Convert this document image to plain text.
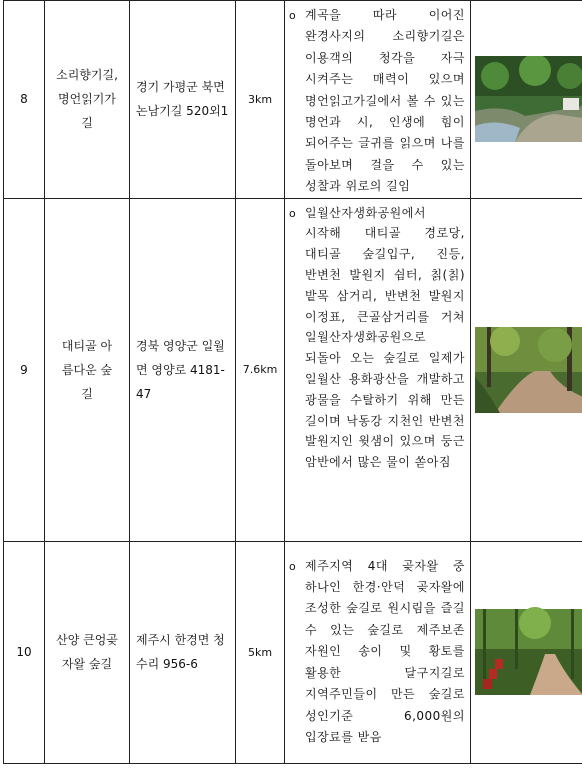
8	소리향기길, 명언읽기가길	경기 가평군 북면 논남기길 520외1	3km	o 계곡을 따라 이어진 완경사지의 소리향기길은 이용객의 청각을 자극 시켜주는 매력이 있으며 명언읽고가길에서 볼 수 있는 명언과 시, 인생에 힘이 되어주는 글귀를 읽으며 나를 돌아보며 걸을 수 있는 성찰과 위로의 길임

9	대티골 아름다운 숲길	경북 영양군 일월면 영양로 4181-47	7.6km	o 일월산자생화공원에서 시작해 대티골 경로당, 대티골 숲길입구, 진등, 반변천 발원지 쉼터, 칡(칡)밭목 삼거리, 반변천 발원지 이정표, 큰골삼거리를 거쳐 일월산자생화공원으로 되돌아 오는 숲길로 일제가 일월산 용화광산을 개발하고 광물을 수탈하기 위해 만든 길이며 낙동강 지천인 반변천 발원지인 윗샘이 있으며 둥근 암반에서 많은 물이 쏟아짐

10	산양 큰엉곶자왈 숲길	제주시 한경면 청수리 956-6	5km	o 제주지역 4대 곶자왈 중 하나인 한경·안덕 곶자왈에 조성한 숲길로 원시림을 즐길 수 있는 숲길로 제주보존 자원인 송이 및 황토를 활용한 달구지길로 지역주민들이 만든 숲길로 성인기준 6,000원의 입장료를 받음
